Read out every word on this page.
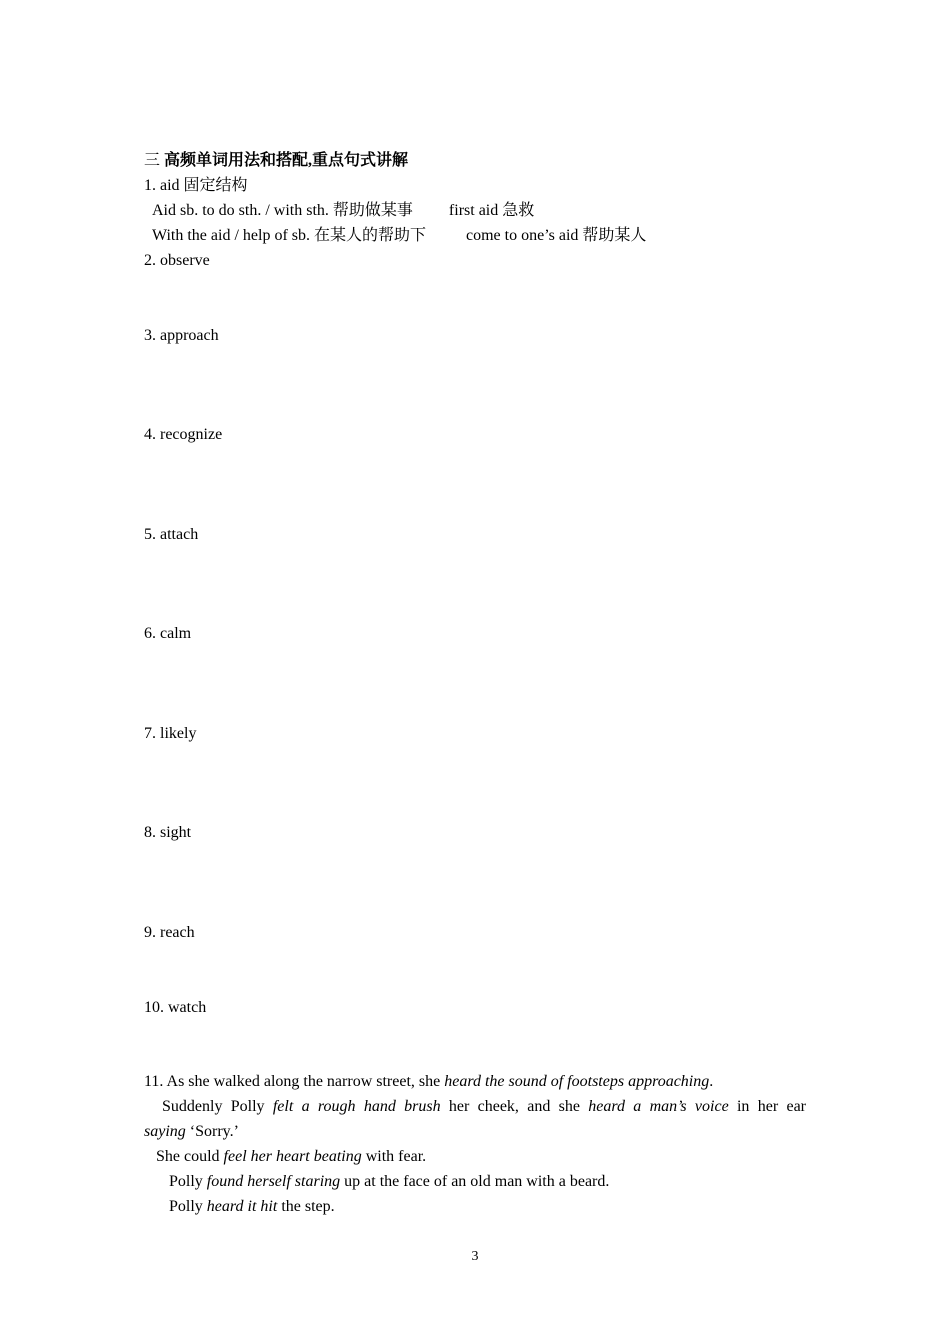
三 高频单词用法和搭配,重点句式讲解
1. aid 固定结构
Aid sb. to do sth. / with sth. 帮助做某事 first aid 急救
With the aid / help of sb. 在某人的帮助下	come to one’s aid 帮助某人
2. observe
3. approach
4. recognize
5. attach
6. calm
7. likely
8. sight
9. reach
10. watch
11. As she walked along the narrow street, she heard the sound of footsteps approaching.
Suddenly Polly felt a rough hand brush her cheek, and she heard a man’s voice in her ear
saying ‘Sorry.’
She could feel her heart beating with fear.
Polly found herself staring up at the face of an old man with a beard.
Polly heard it hit the step.
3
